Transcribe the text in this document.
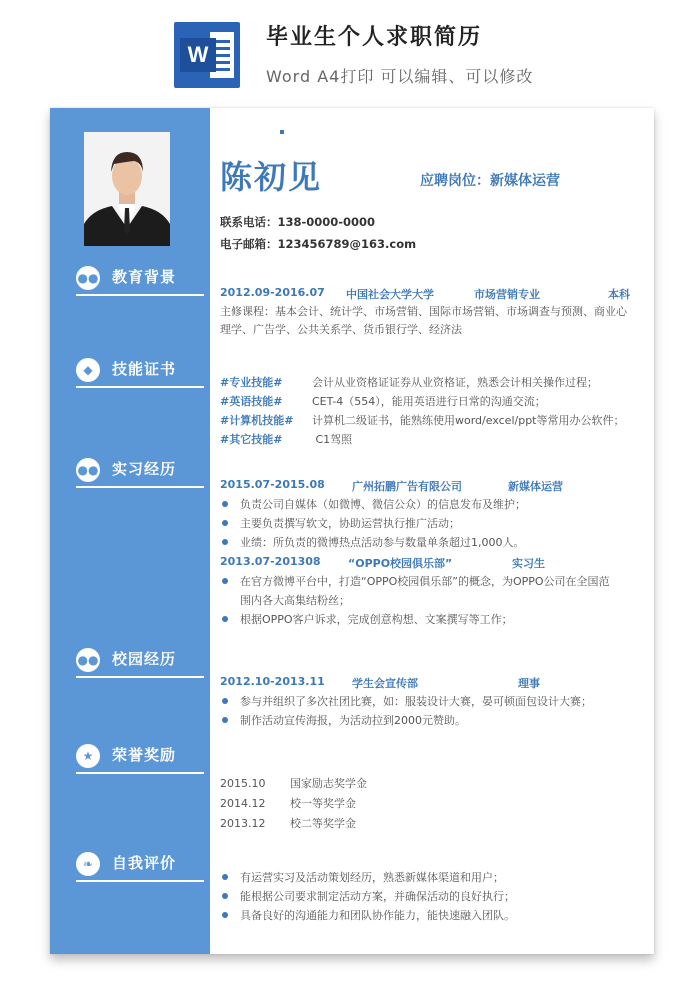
W
毕业生个人求职简历
Word A4打印 可以编辑、可以修改
●● 教育背景
◆	技能证书
●● 实习经历
●● 校园经历
★	荣誉奖励
❧	自我评价
陈初见	应聘岗位：新媒体运营
联系电话：138-0000-0000
电子邮箱：123456789@163.com
2012.09-2016.07 中国社会大学大学	市场营销专业	本科
主修课程：基本会计、统计学、市场营销、国际市场营销、市场调查与预测、商业心
理学、广告学、公共关系学、货币银行学、经济法
#专业技能#	会计从业资格证证券从业资格证，熟悉会计相关操作过程；
#英语技能#	CET-4（554），能用英语进行日常的沟通交流；
#计算机技能# 计算机二级证书，能熟练使用word/excel/ppt等常用办公软件；
#其它技能#	C1驾照
2015.07-2015.08 广州拓鹏广告有限公司	新媒体运营
负责公司自媒体（如微博、微信公众）的信息发布及维护；
主要负责撰写软文，协助运营执行推广活动；
业绩：所负责的微博热点活动参与数量单条超过1,000人。
2013.07-201308 “OPPO校园俱乐部”	实习生
在官方微博平台中，打造“OPPO校园俱乐部”的概念，为OPPO公司在全国范
围内各大高集结粉丝；
根据OPPO客户诉求，完成创意构想、文案撰写等工作；
2012.10-2013.11 学生会宣传部	理事
参与并组织了多次社团比赛，如：服装设计大赛，晏可顿面包设计大赛；
制作活动宣传海报，为活动拉到2000元赞助。
2015.10 国家励志奖学金
2014.12 校一等奖学金
2013.12 校二等奖学金
有运营实习及活动策划经历，熟悉新媒体渠道和用户；
能根据公司要求制定活动方案，并确保活动的良好执行；
具备良好的沟通能力和团队协作能力，能快速融入团队。
